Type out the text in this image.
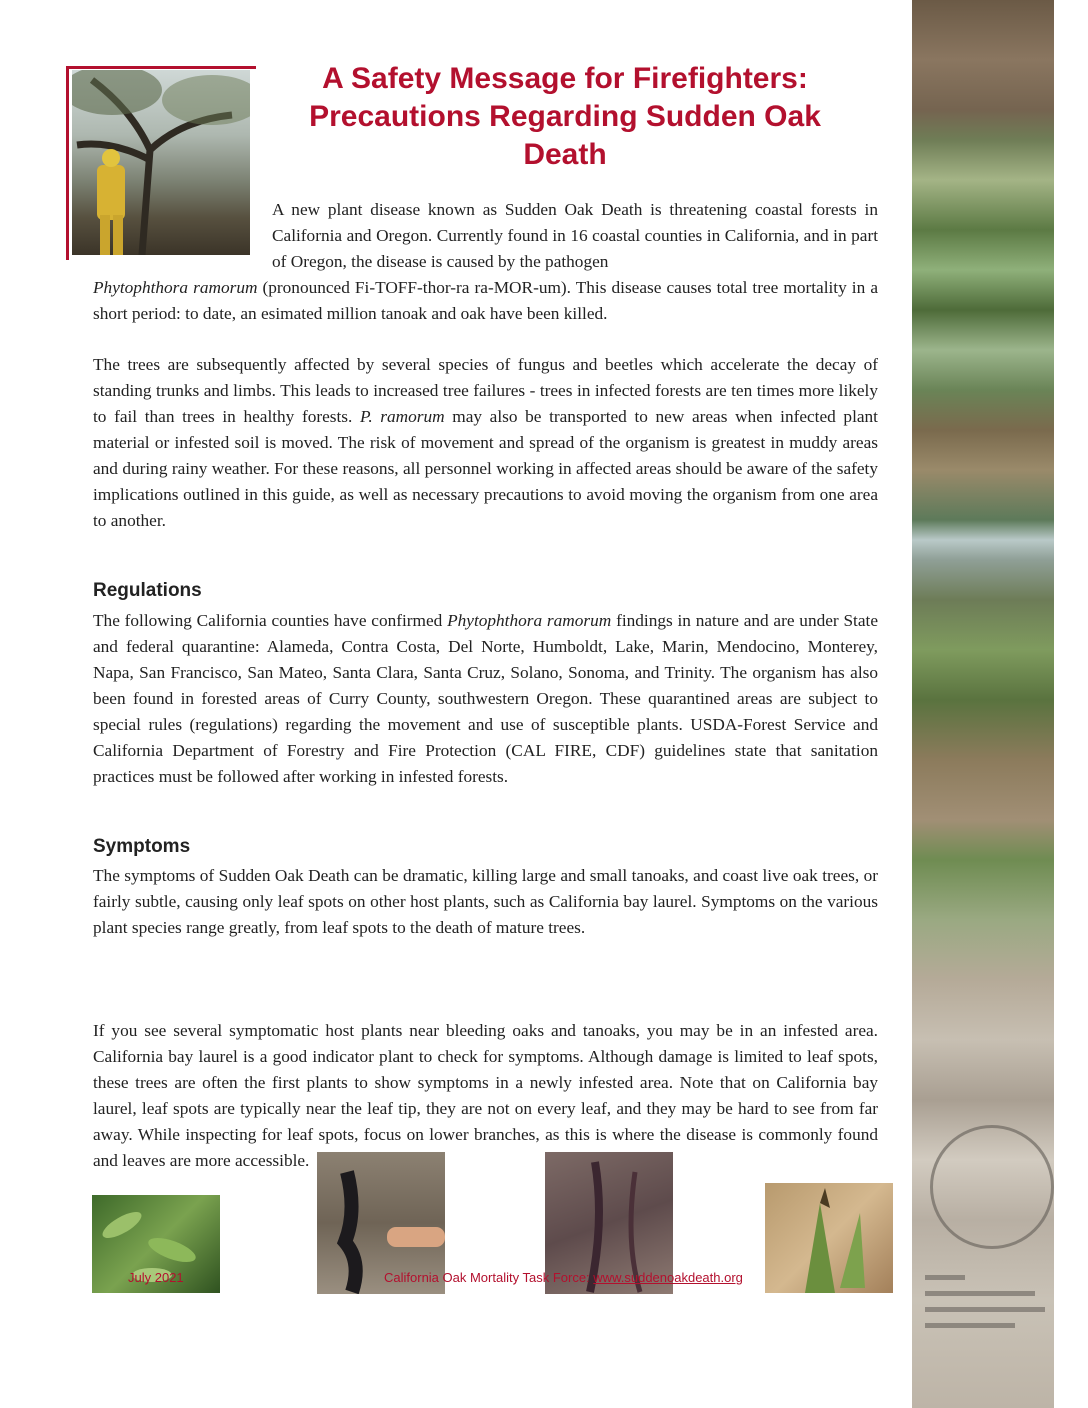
A Safety Message for Firefighters: Precautions Regarding Sudden Oak Death

A new plant disease known as Sudden Oak Death is threatening coastal forests in California and Oregon. Currently found in 16 coastal counties in California, and in part of Oregon, the disease is caused by the pathogen

Phytophthora ramorum (pronounced Fi-TOFF-thor-ra ra-MOR-um). This disease causes total tree mortality in a short period: to date, an esimated million tanoak and oak have been killed.

The trees are subsequently affected by several species of fungus and beetles which accelerate the decay of standing trunks and limbs. This leads to increased tree failures - trees in infected forests are ten times more likely to fail than trees in healthy forests. P. ramorum may also be transported to new areas when infected plant material or infested soil is moved. The risk of movement and spread of the organism is greatest in muddy areas and during rainy weather. For these reasons, all personnel working in affected areas should be aware of the safety implications outlined in this guide, as well as necessary precautions to avoid moving the organism from one area to another.

Regulations

The following California counties have confirmed Phytophthora ramorum findings in nature and are under State and federal quarantine: Alameda, Contra Costa, Del Norte, Humboldt, Lake, Marin, Mendocino, Monterey, Napa, San Francisco, San Mateo, Santa Clara, Santa Cruz, Solano, Sonoma, and Trinity. The organism has also been found in forested areas of Curry County, southwestern Oregon. These quarantined areas are subject to special rules (regulations) regarding the movement and use of susceptible plants. USDA-Forest Service and California Department of Forestry and Fire Protection (CAL FIRE, CDF) guidelines state that sanitation practices must be followed after working in infested forests.

Symptoms

The symptoms of Sudden Oak Death can be dramatic, killing large and small tanoaks, and coast live oak trees, or fairly subtle, causing only leaf spots on other host plants, such as California bay laurel. Symptoms on the various plant species range greatly, from leaf spots to the death of mature trees.

If you see several symptomatic host plants near bleeding oaks and tanoaks, you may be in an infested area. California bay laurel is a good indicator plant to check for symptoms. Although damage is limited to leaf spots, these trees are often the first plants to show symptoms in a newly infested area. Note that on California bay laurel, leaf spots are typically near the leaf tip, they are not on every leaf, and they may be hard to see from far away. While inspecting for leaf spots, focus on lower branches, as this is where the disease is commonly found and leaves are more accessible.

July 2021	California Oak Mortality Task Force: www.suddenoakdeath.org
